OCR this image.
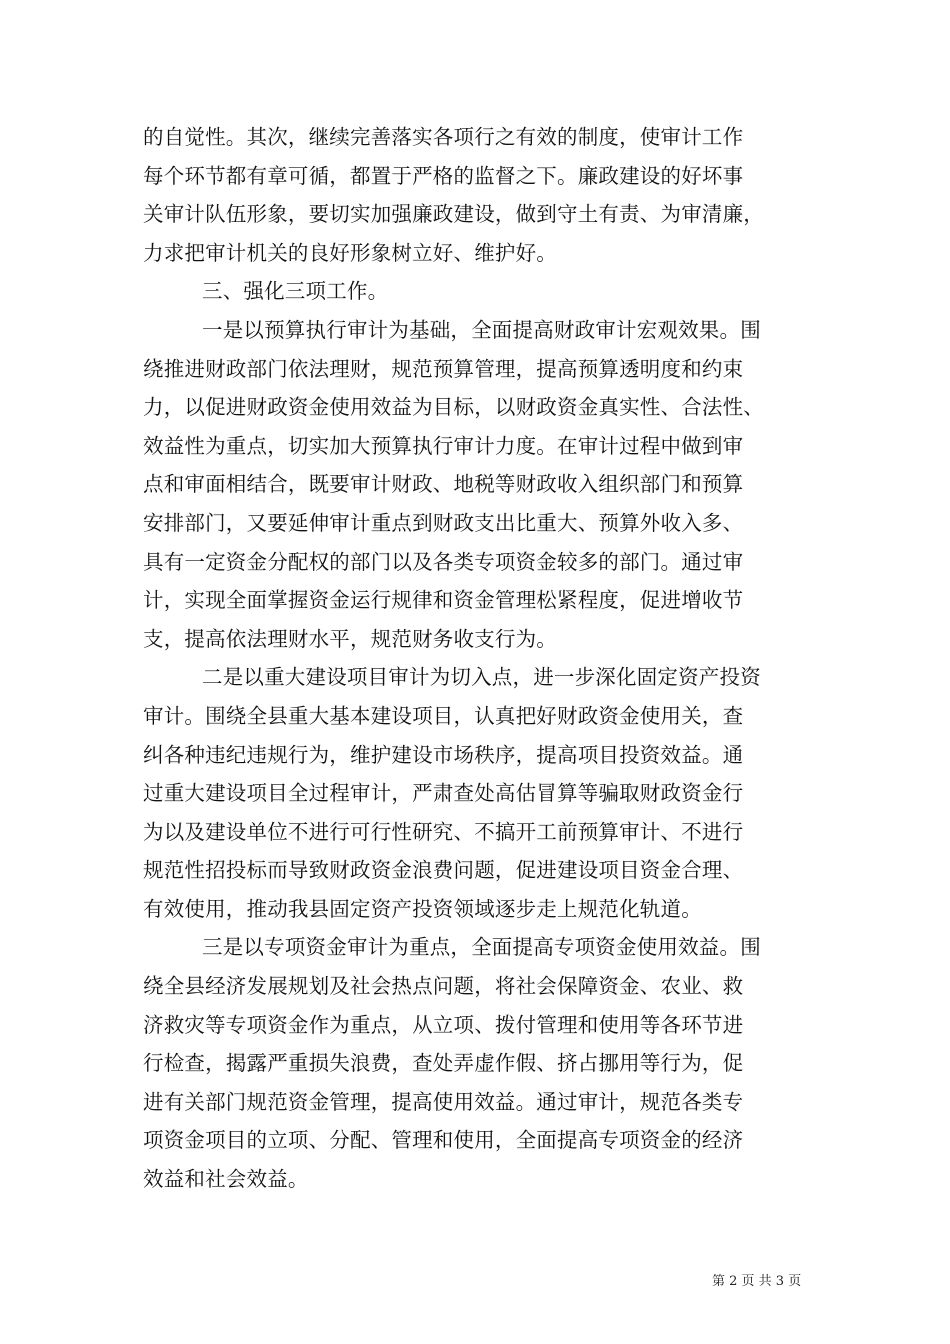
的自觉性。其次，继续完善落实各项行之有效的制度，使审计工作
每个环节都有章可循，都置于严格的监督之下。廉政建设的好坏事
关审计队伍形象，要切实加强廉政建设，做到守土有责、为审清廉，
力求把审计机关的良好形象树立好、维护好。
三、强化三项工作。
一是以预算执行审计为基础，全面提高财政审计宏观效果。围
绕推进财政部门依法理财，规范预算管理，提高预算透明度和约束
力，以促进财政资金使用效益为目标，以财政资金真实性、合法性、
效益性为重点，切实加大预算执行审计力度。在审计过程中做到审
点和审面相结合，既要审计财政、地税等财政收入组织部门和预算
安排部门，又要延伸审计重点到财政支出比重大、预算外收入多、
具有一定资金分配权的部门以及各类专项资金较多的部门。通过审
计，实现全面掌握资金运行规律和资金管理松紧程度，促进增收节
支，提高依法理财水平，规范财务收支行为。
二是以重大建设项目审计为切入点，进一步深化固定资产投资
审计。围绕全县重大基本建设项目，认真把好财政资金使用关，查
纠各种违纪违规行为，维护建设市场秩序，提高项目投资效益。通
过重大建设项目全过程审计，严肃查处高估冒算等骗取财政资金行
为以及建设单位不进行可行性研究、不搞开工前预算审计、不进行
规范性招投标而导致财政资金浪费问题，促进建设项目资金合理、
有效使用，推动我县固定资产投资领域逐步走上规范化轨道。
三是以专项资金审计为重点，全面提高专项资金使用效益。围
绕全县经济发展规划及社会热点问题，将社会保障资金、农业、救
济救灾等专项资金作为重点，从立项、拨付管理和使用等各环节进
行检查，揭露严重损失浪费，查处弄虚作假、挤占挪用等行为，促
进有关部门规范资金管理，提高使用效益。通过审计，规范各类专
项资金项目的立项、分配、管理和使用，全面提高专项资金的经济
效益和社会效益。
第 2 页 共 3 页
